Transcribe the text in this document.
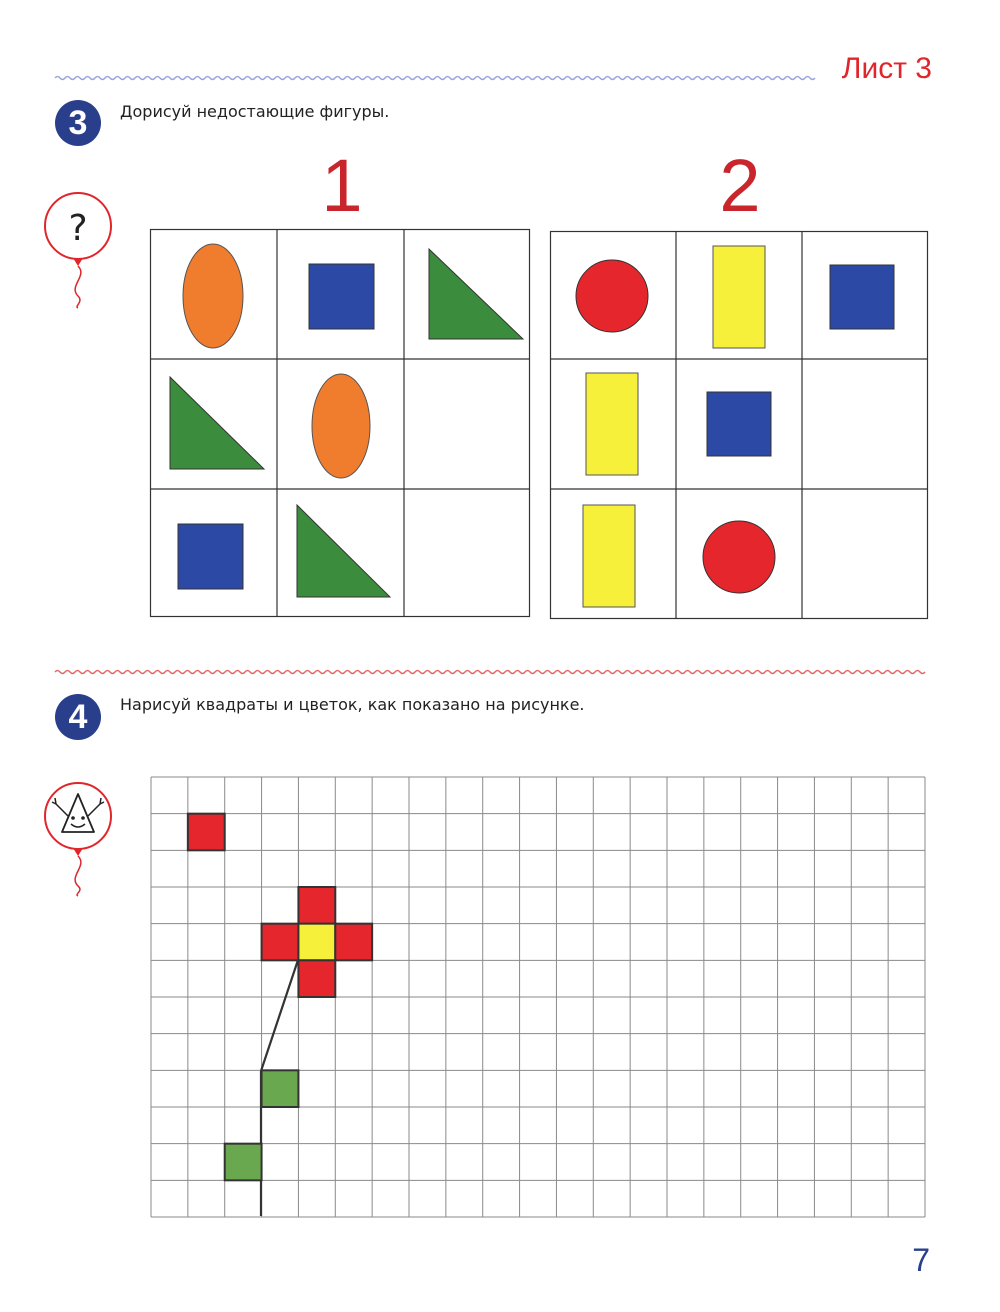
Лист 3
3	Дорисуй недостающие фигуры.
?
1	2
4	Нарисуй квадраты и цветок, как показано на рисунке.
7
